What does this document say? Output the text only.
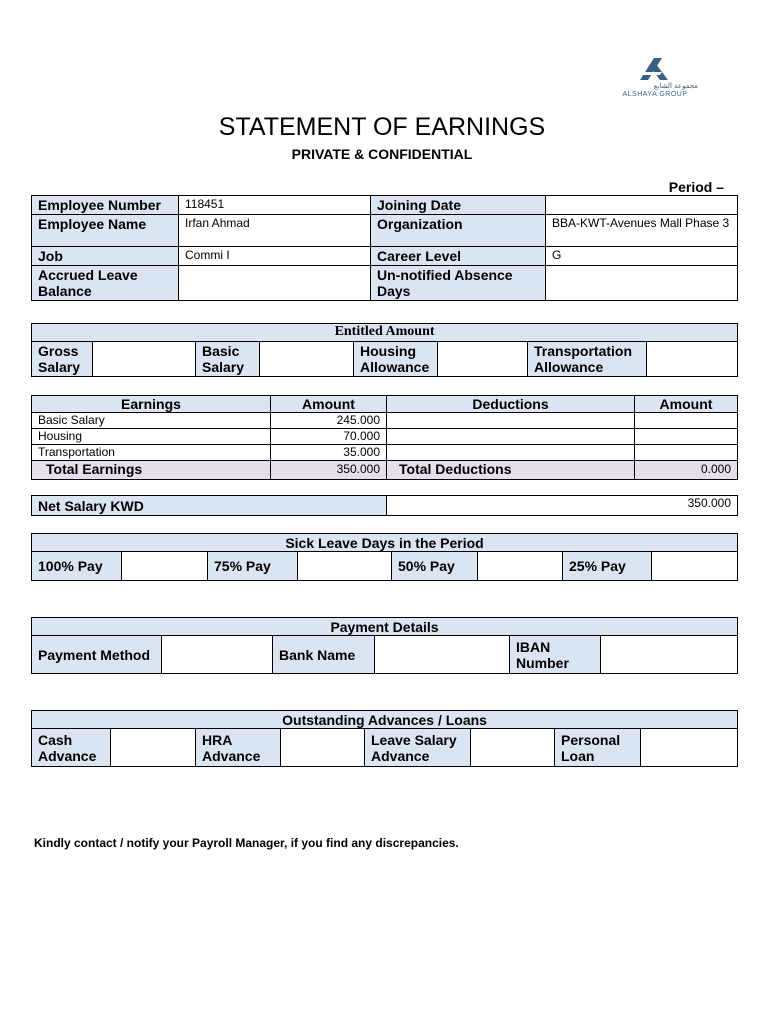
مجموعة الشايع
ALSHAYA GROUP
STATEMENT OF EARNINGS
PRIVATE & CONFIDENTIAL
Period –
Employee Number	118451	Joining Date	
Employee Name	Irfan Ahmad	Organization	BBA-KWT-Avenues Mall Phase 3
Job	Commi I	Career Level	G
Accrued Leave Balance		Un-notified Absence Days	
Entitled Amount
Gross Salary		Basic Salary		Housing Allowance		Transportation Allowance	
Earnings	Amount	Deductions	Amount
Basic Salary	245.000		
Housing	70.000		
Transportation	35.000		
Total Earnings	350.000	Total Deductions	0.000
Net Salary KWD	350.000
Sick Leave Days in the Period
100% Pay		75% Pay		50% Pay		25% Pay	
Payment Details
Payment Method		Bank Name		IBAN Number	
Outstanding Advances / Loans
Cash Advance		HRA Advance		Leave Salary Advance		Personal Loan	
Kindly contact / notify your Payroll Manager, if you find any discrepancies.
